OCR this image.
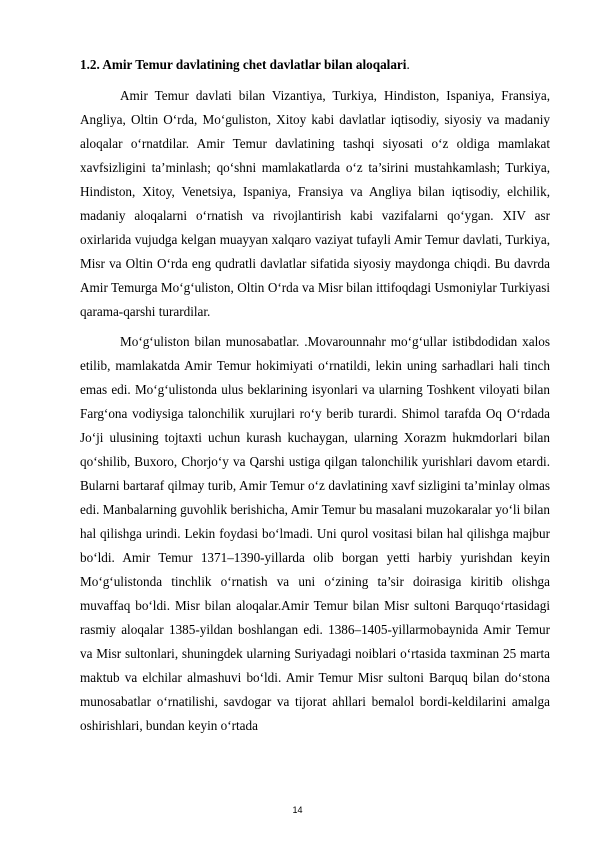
1.2. Amir Temur davlatining chet davlatlar bilan aloqalari.

Amir Temur davlati bilan Vizantiya, Turkiya, Hindiston, Ispaniya, Fransiya, Angliya, Oltin O‘rda, Mo‘guliston, Xitoy kabi davlatlar iqtisodiy, siyosiy va madaniy aloqalar o‘rnatdilar. Amir Temur davlatining tashqi siyosati o‘z oldiga mamlakat xavfsizligini ta’minlash; qo‘shni mamlakatlarda o‘z ta’sirini mustahkamlash; Turkiya, Hindiston, Xitoy, Venetsiya, Ispaniya, Fransiya va Angliya bilan iqtisodiy, elchilik, madaniy aloqalarni o‘rnatish va rivojlantirish kabi vazifalarni qo‘ygan. XIV asr oxirlarida vujudga kelgan muayyan xalqaro vaziyat tufayli Amir Temur davlati, Turkiya, Misr va Oltin O‘rda eng qudratli davlatlar sifatida siyosiy maydonga chiqdi. Bu davrda Amir Temurga Mo‘g‘uliston, Oltin O‘rda va Misr bilan ittifoqdagi Usmoniylar Turkiyasi qarama-qarshi turardilar.

Mo‘g‘uliston bilan munosabatlar. .Movarounnahr mo‘g‘ullar istibdodidan xalos etilib, mamlakatda Amir Temur hokimiyati o‘rnatildi, lekin uning sarhadlari hali tinch emas edi. Mo‘g‘ulistonda ulus beklarining isyonlari va ularning Toshkent viloyati bilan Farg‘ona vodiysiga talonchilik xurujlari ro‘y berib turardi. Shimol tarafda Oq O‘rdada Jo‘ji ulusining tojtaxti uchun kurash kuchaygan, ularning Xorazm hukmdorlari bilan qo‘shilib, Buxoro, Chorjo‘y va Qarshi ustiga qilgan talonchilik yurishlari davom etardi. Bularni bartaraf qilmay turib, Amir Temur o‘z davlatining xavf sizligini ta’minlay olmas edi. Manbalarning guvohlik berishicha, Amir Temur bu masalani muzokaralar yo‘li bilan hal qilishga urindi. Lekin foydasi bo‘lmadi. Uni qurol vositasi bilan hal qilishga majbur bo‘ldi. Amir Temur 1371–1390-yillarda olib borgan yetti harbiy yurishdan keyin Mo‘g‘ulistonda tinchlik o‘rnatish va uni o‘zining ta’sir doirasiga kiritib olishga muvaffaq bo‘ldi. Misr bilan aloqalar.Amir Temur bilan Misr sultoni Barquqo‘rtasidagi rasmiy aloqalar 1385-yildan boshlangan edi. 1386–1405-yillarmobaynida Amir Temur va Misr sultonlari, shuningdek ularning Suriyadagi noiblari o‘rtasida taxminan 25 marta maktub va elchilar almashuvi bo‘ldi. Amir Temur Misr sultoni Barquq bilan do‘stona munosabatlar o‘rnatilishi, savdogar va tijorat ahllari bemalol bordi-keldilarini amalga oshirishlari, bundan keyin o‘rtada

14
